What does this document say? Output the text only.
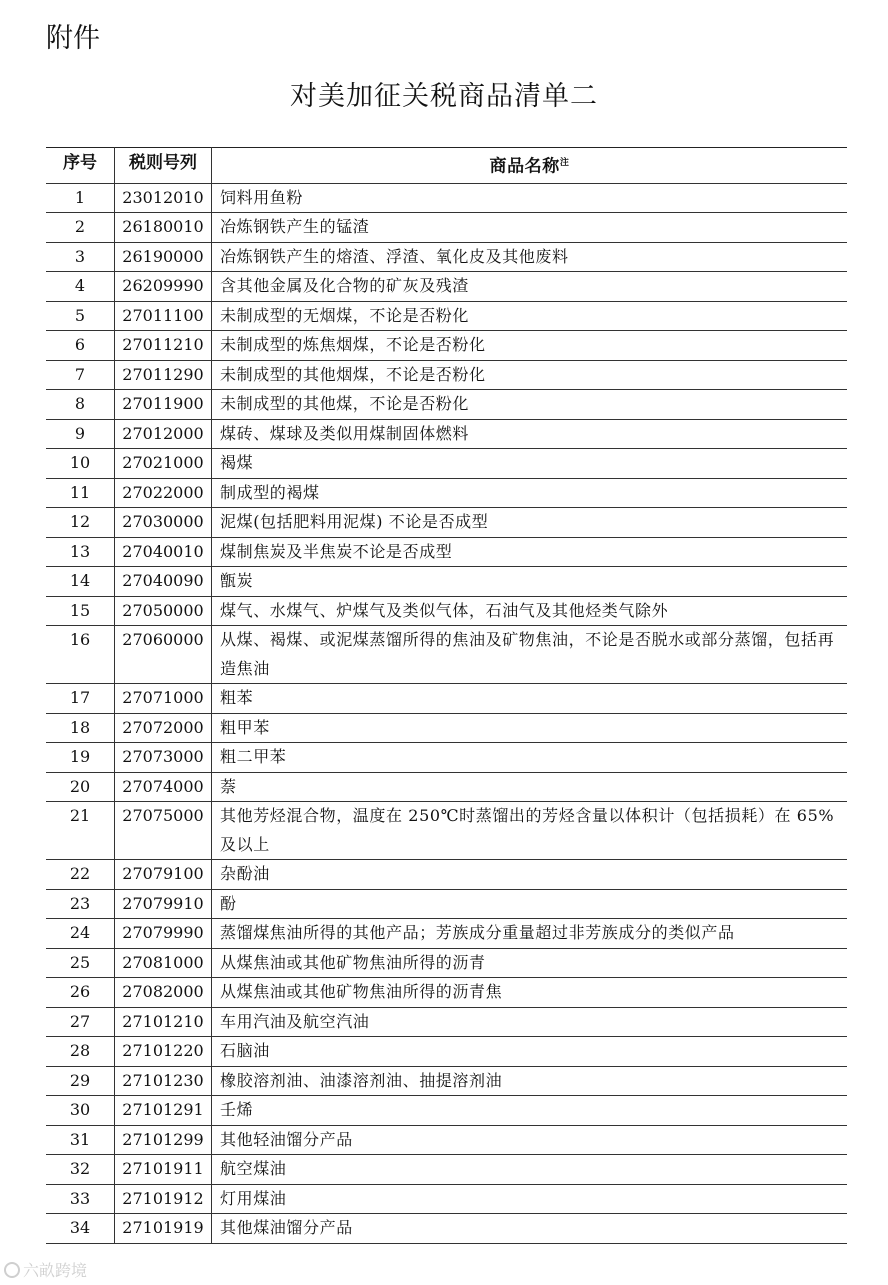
附件
对美加征关税商品清单二
序号	税则号列	商品名称$^注$
1	23012010	饲料用鱼粉
2	26180010	冶炼钢铁产生的锰渣
3	26190000	冶炼钢铁产生的熔渣、浮渣、氧化皮及其他废料
4	26209990	含其他金属及化合物的矿灰及残渣
5	27011100	未制成型的无烟煤，不论是否粉化
6	27011210	未制成型的炼焦烟煤，不论是否粉化
7	27011290	未制成型的其他烟煤，不论是否粉化
8	27011900	未制成型的其他煤，不论是否粉化
9	27012000	煤砖、煤球及类似用煤制固体燃料
10	27021000	褐煤
11	27022000	制成型的褐煤
12	27030000	泥煤(包括肥料用泥煤) 不论是否成型
13	27040010	煤制焦炭及半焦炭不论是否成型
14	27040090	甑炭
15	27050000	煤气、水煤气、炉煤气及类似气体，石油气及其他烃类气除外
16	27060000	从煤、褐煤、或泥煤蒸馏所得的焦油及矿物焦油，不论是否脱水或部分蒸馏，包括再造焦油
17	27071000	粗苯
18	27072000	粗甲苯
19	27073000	粗二甲苯
20	27074000	萘
21	27075000	其他芳烃混合物，温度在 250℃时蒸馏出的芳烃含量以体积计（包括损耗）在 65%及以上
22	27079100	杂酚油
23	27079910	酚
24	27079990	蒸馏煤焦油所得的其他产品；芳族成分重量超过非芳族成分的类似产品
25	27081000	从煤焦油或其他矿物焦油所得的沥青
26	27082000	从煤焦油或其他矿物焦油所得的沥青焦
27	27101210	车用汽油及航空汽油
28	27101220	石脑油
29	27101230	橡胶溶剂油、油漆溶剂油、抽提溶剂油
30	27101291	壬烯
31	27101299	其他轻油馏分产品
32	27101911	航空煤油
33	27101912	灯用煤油
34	27101919	其他煤油馏分产品
六畝跨境
